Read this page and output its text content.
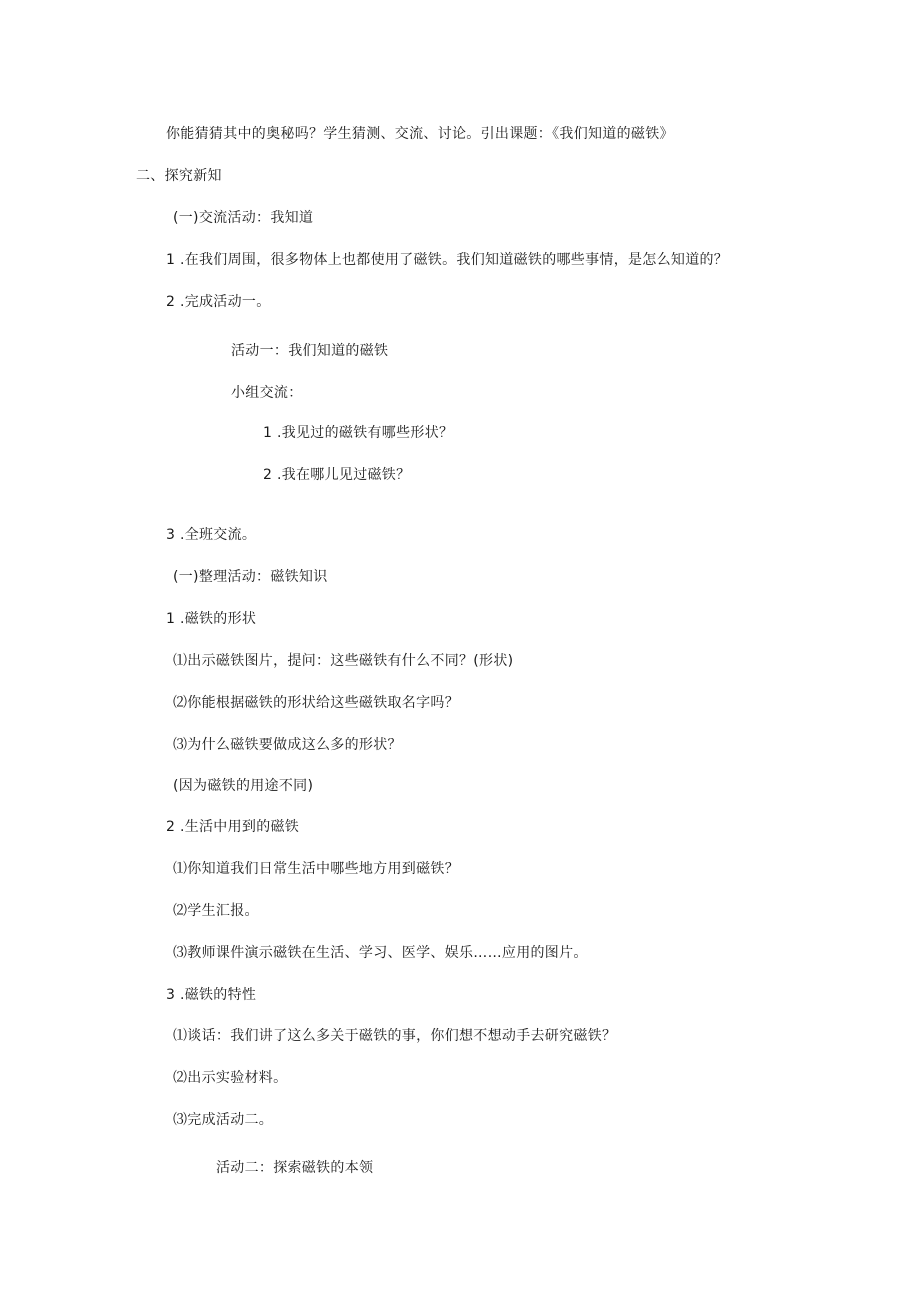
你能猜猜其中的奥秘吗？学生猜测、交流、讨论。引出课题：《我们知道的磁铁》
二、探究新知
(一)交流活动：我知道
1 .在我们周围，很多物体上也都使用了磁铁。我们知道磁铁的哪些事情，是怎么知道的？
2 .完成活动一。
活动一：我们知道的磁铁
小组交流：
1 .我见过的磁铁有哪些形状？
2 .我在哪儿见过磁铁？
3 .全班交流。
(一)整理活动：磁铁知识
1 .磁铁的形状
⑴出示磁铁图片，提问：这些磁铁有什么不同？(形状)
⑵你能根据磁铁的形状给这些磁铁取名字吗？
⑶为什么磁铁要做成这么多的形状？
(因为磁铁的用途不同)
2 .生活中用到的磁铁
⑴你知道我们日常生活中哪些地方用到磁铁？
⑵学生汇报。
⑶教师课件演示磁铁在生活、学习、医学、娱乐……应用的图片。
3 .磁铁的特性
⑴谈话：我们讲了这么多关于磁铁的事，你们想不想动手去研究磁铁？
⑵出示实验材料。
⑶完成活动二。
活动二：探索磁铁的本领
